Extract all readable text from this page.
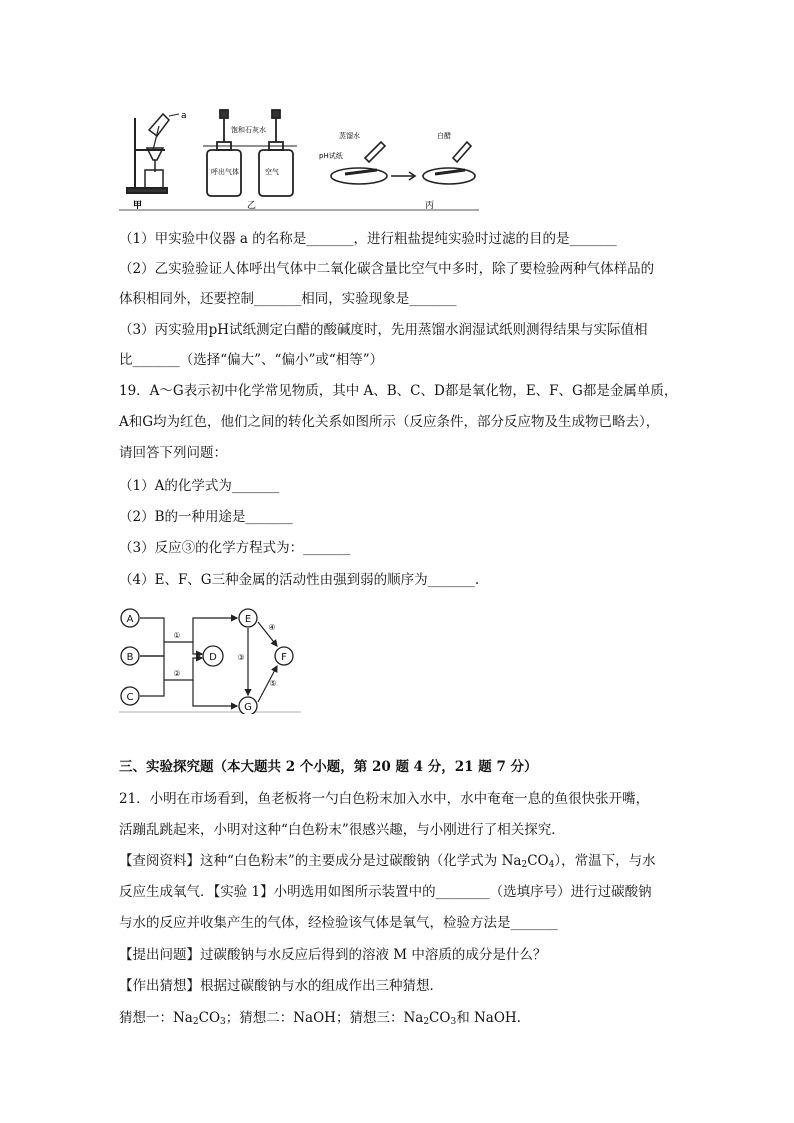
a
饱和石灰水
呼出气体	空气
蒸馏水
pH试纸
白醋
甲	乙	丙
（1）甲实验中仪器 a 的名称是_______，进行粗盐提纯实验时过滤的目的是_______
（2）乙实验验证人体呼出气体中二氧化碳含量比空气中多时，除了要检验两种气体样品的
体积相同外，还要控制_______相同，实验现象是_______
（3）丙实验用pH试纸测定白醋的酸碱度时，先用蒸馏水润湿试纸则测得结果与实际值相
比_______（选择“偏大”、“偏小”或“相等”）
19．A～G表示初中化学常见物质，其中 A、B、C、D都是氧化物，E、F、G都是金属单质，
A和G均为红色，他们之间的转化关系如图所示（反应条件，部分反应物及生成物已略去），
请回答下列问题：
（1）A的化学式为_______
（2）B的一种用途是_______
（3）反应③的化学方程式为：_______
（4）E、F、G三种金属的活动性由强到弱的顺序为_______.
A
B
C
D
E
F
G
①
②
③
④
⑤
三、实验探究题（本大题共 2 个小题，第 20 题 4 分，21 题 7 分）
21．小明在市场看到，鱼老板将一勺白色粉末加入水中，水中奄奄一息的鱼很快张开嘴，
活蹦乱跳起来，小明对这种“白色粉末”很感兴趣，与小刚进行了相关探究．
【查阅资料】这种“白色粉末”的主要成分是过碳酸钠（化学式为 $Na_2CO_4$），常温下，与水
反应生成氧气．【实验 1】小明选用如图所示装置中的________（选填序号）进行过碳酸钠
与水的反应并收集产生的气体，经检验该气体是氧气，检验方法是_______
【提出问题】过碳酸钠与水反应后得到的溶液 M 中溶质的成分是什么？
【作出猜想】根据过碳酸钠与水的组成作出三种猜想．
猜想一：$Na_2CO_3$；猜想二：NaOH；猜想三：$Na_2CO_3$和 NaOH.
